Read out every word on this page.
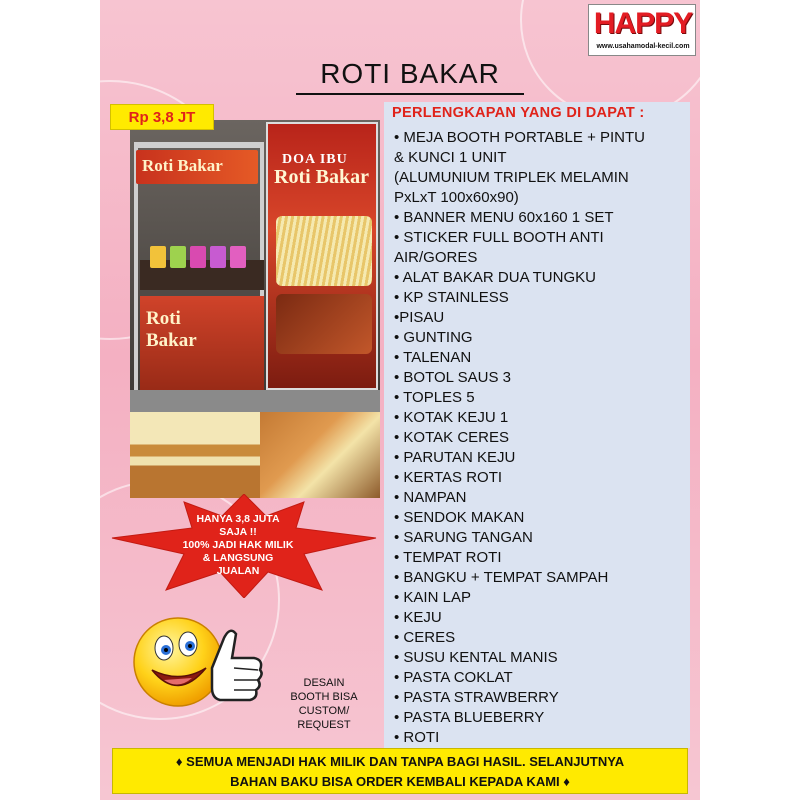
HAPPY
www.usahamodal-kecil.com
ROTI BAKAR
Roti Bakar
Roti
Bakar
DOA IBU
Roti Bakar
Rp 3,8 JT
HANYA 3,8 JUTA
SAJA !!
100% JADI HAK MILIK
& LANGSUNG
JUALAN
DESAIN
BOOTH BISA
CUSTOM/
REQUEST
PERLENGKAPAN YANG DI DAPAT :
• MEJA BOOTH PORTABLE + PINTU
& KUNCI 1 UNIT
(ALUMUNIUM TRIPLEK MELAMIN
PxLxT 100x60x90)
• BANNER MENU 60x160 1 SET
• STICKER FULL BOOTH ANTI
AIR/GORES
• ALAT BAKAR DUA TUNGKU
• KP STAINLESS
•PISAU
• GUNTING
• TALENAN
• BOTOL SAUS 3
• TOPLES 5
• KOTAK KEJU 1
• KOTAK CERES
• PARUTAN KEJU
• KERTAS ROTI
• NAMPAN
• SENDOK MAKAN
• SARUNG TANGAN
• TEMPAT ROTI
• BANGKU + TEMPAT SAMPAH
• KAIN LAP
• KEJU
• CERES
• SUSU KENTAL MANIS
• PASTA COKLAT
• PASTA STRAWBERRY
• PASTA BLUEBERRY
• ROTI
♦ SEMUA MENJADI HAK MILIK DAN TANPA BAGI HASIL. SELANJUTNYA
BAHAN BAKU BISA ORDER KEMBALI KEPADA KAMI ♦
